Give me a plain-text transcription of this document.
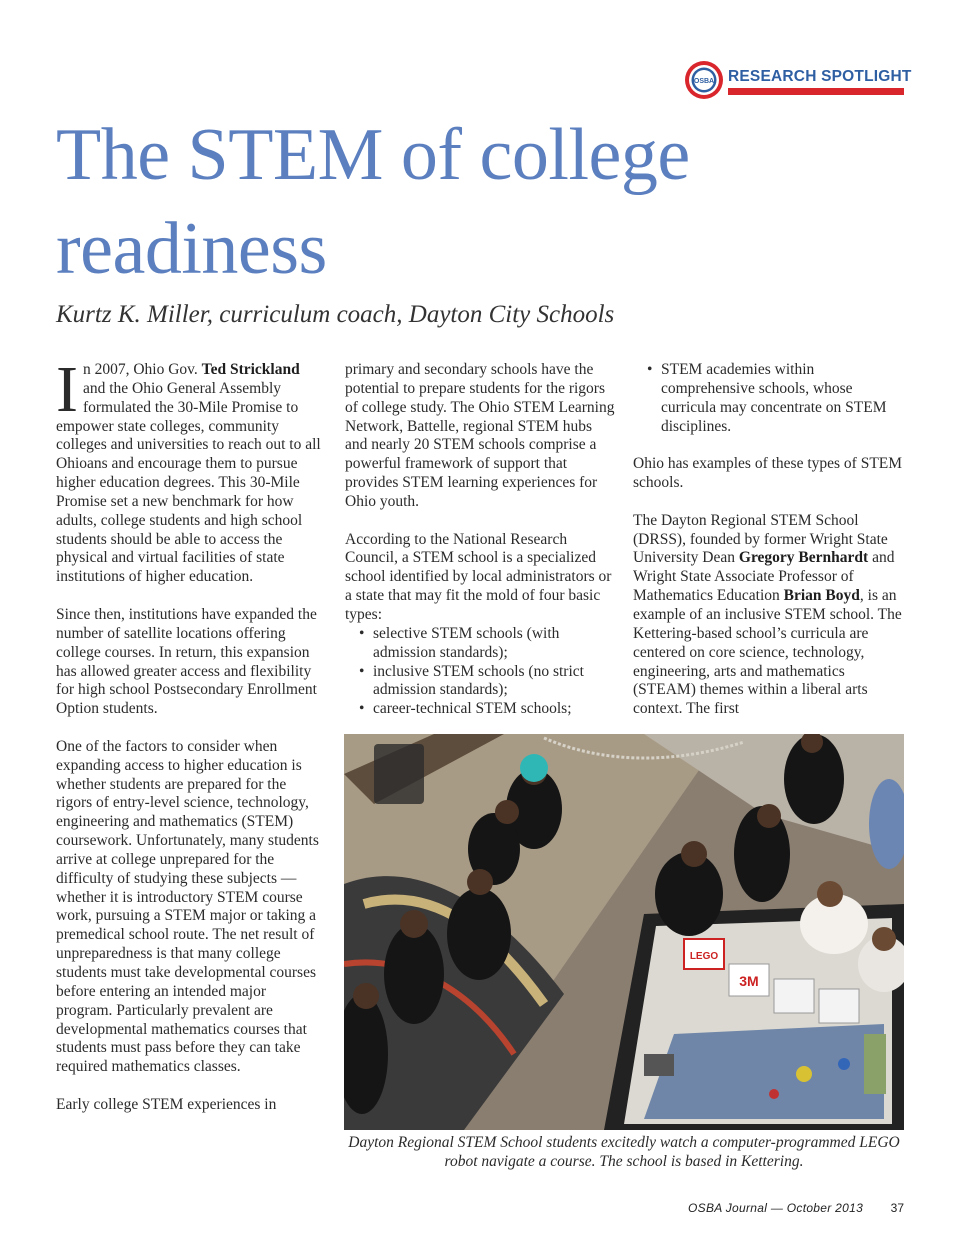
OSBA RESEARCH SPOTLIGHT
The STEM of college readiness

Kurtz K. Miller, curriculum coach, Dayton City Schools

In 2007, Ohio Gov. Ted Strickland and the Ohio General Assembly formulated the 30-Mile Promise to empower state colleges, community colleges and universities to reach out to all Ohioans and encourage them to pursue higher education degrees. This 30-Mile Promise set a new benchmark for how adults, college students and high school students should be able to access the physical and virtual facilities of state institutions of higher education.

Since then, institutions have expanded the number of satellite locations offering college courses. In return, this expansion has allowed greater access and flexibility for high school Postsecondary Enrollment Option students.

One of the factors to consider when expanding access to higher education is whether students are prepared for the rigors of entry-level science, technology, engineering and mathematics (STEM) coursework. Unfortunately, many students arrive at college unprepared for the difficulty of studying these subjects — whether it is introductory STEM course work, pursuing a STEM major or taking a premedical school route. The net result of unpreparedness is that many college students must take developmental courses before entering an intended major program. Particularly prevalent are developmental mathematics courses that students must pass before they can take required mathematics classes.

Early college STEM experiences in

primary and secondary schools have the potential to prepare students for the rigors of college study. The Ohio STEM Learning Network, Battelle, regional STEM hubs and nearly 20 STEM schools comprise a powerful framework of support that provides STEM learning experiences for Ohio youth.

According to the National Research Council, a STEM school is a specialized school identified by local administrators or a state that may fit the mold of four basic types:

• selective STEM schools (with admission standards);
• inclusive STEM schools (no strict admission standards);
• career-technical STEM schools;
• STEM academies within comprehensive schools, whose curricula may concentrate on STEM disciplines.

Ohio has examples of these types of STEM schools.

The Dayton Regional STEM School (DRSS), founded by former Wright State University Dean Gregory Bernhardt and Wright State Associate Professor of Mathematics Education Brian Boyd, is an example of an inclusive STEM school. The Kettering-based school’s curricula are centered on core science, technology, engineering, arts and mathematics (STEAM) themes within a liberal arts context. The first

LEGO
3M

Dayton Regional STEM School students excitedly watch a computer-programmed LEGO robot navigate a course. The school is based in Kettering.

OSBA Journal — October 2013 37
